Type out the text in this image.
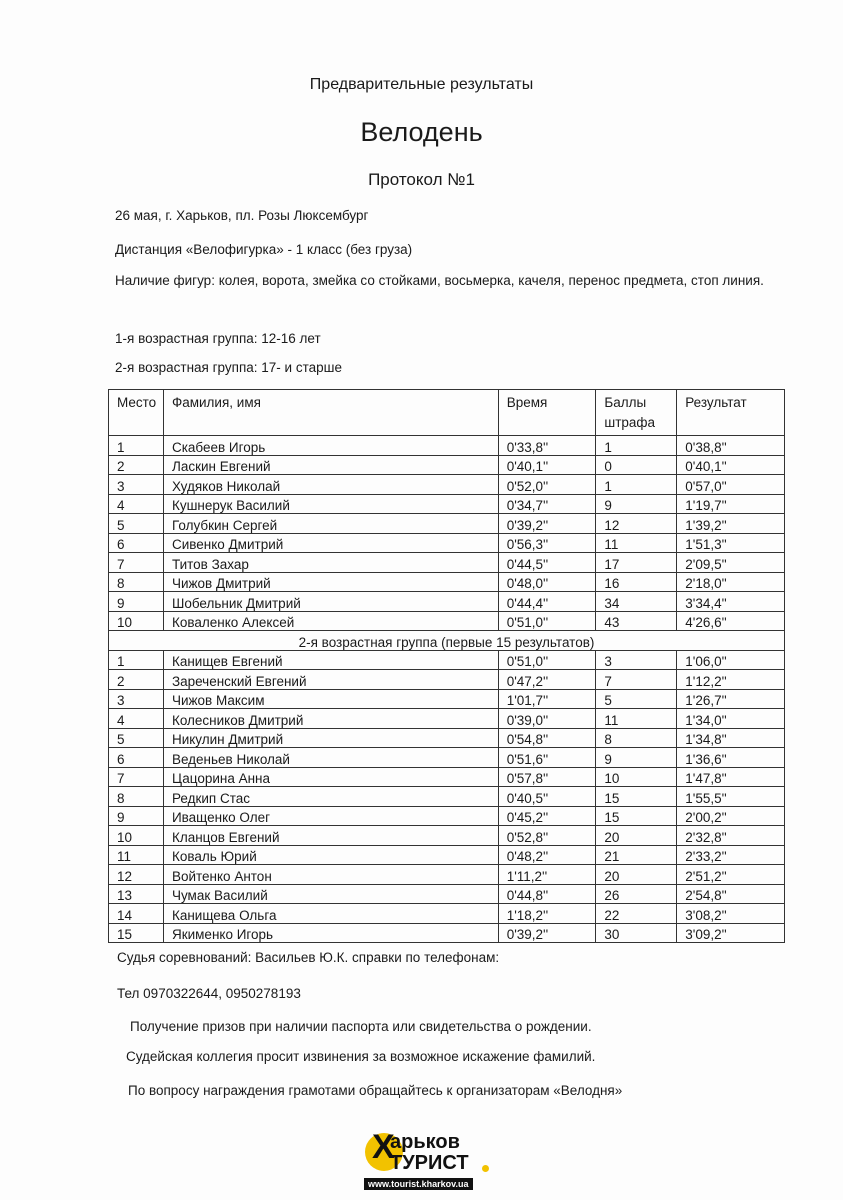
Предварительные результаты
Велодень
Протокол №1
26 мая, г. Харьков, пл. Розы Люксембург
Дистанция «Велофигурка» - 1 класс (без груза)
Наличие фигур: колея, ворота, змейка со стойками, восьмерка, качеля, перенос предмета, стоп линия.
1-я возрастная группа: 12-16 лет
2-я возрастная группа: 17- и старше
Место	Фамилия, имя	Время	Баллы штрафа	Результат
1	Скабеев Игорь	0'33,8''	1	0'38,8''
2	Ласкин Евгений	0'40,1''	0	0'40,1''
3	Худяков Николай	0'52,0''	1	0'57,0''
4	Кушнерук Василий	0'34,7''	9	1'19,7''
5	Голубкин Сергей	0'39,2''	12	1'39,2''
6	Сивенко Дмитрий	0'56,3''	11	1'51,3''
7	Титов Захар	0'44,5''	17	2'09,5''
8	Чижов Дмитрий	0'48,0''	16	2'18,0''
9	Шобельник Дмитрий	0'44,4''	34	3'34,4''
10	Коваленко Алексей	0'51,0''	43	4'26,6''
2-я возрастная группа (первые 15 результатов)				
1	Канищев Евгений	0'51,0''	3	1'06,0''
2	Зареченский Евгений	0'47,2''	7	1'12,2''
3	Чижов Максим	1'01,7''	5	1'26,7''
4	Колесников Дмитрий	0'39,0''	11	1'34,0''
5	Никулин Дмитрий	0'54,8''	8	1'34,8''
6	Веденьев Николай	0'51,6''	9	1'36,6''
7	Цацорина Анна	0'57,8''	10	1'47,8''
8	Редкип Стас	0'40,5''	15	1'55,5''
9	Иващенко Олег	0'45,2''	15	2'00,2''
10	Кланцов Евгений	0'52,8''	20	2'32,8''
11	Коваль Юрий	0'48,2''	21	2'33,2''
12	Войтенко Антон	1'11,2''	20	2'51,2''
13	Чумак Василий	0'44,8''	26	2'54,8''
14	Канищева Ольга	1'18,2''	22	3'08,2''
15	Якименко Игорь	0'39,2''	30	3'09,2''
Судья соревнований: Васильев Ю.К. справки по телефонам:
Тел 0970322644, 0950278193
Получение призов при наличии паспорта или свидетельства о рождении.
Судейская коллегия просит извинения за возможное искажение фамилий.
По вопросу награждения грамотами обращайтесь к организаторам «Велодня»
Х
арьков
ТУРИСТ
www.tourist.kharkov.ua
